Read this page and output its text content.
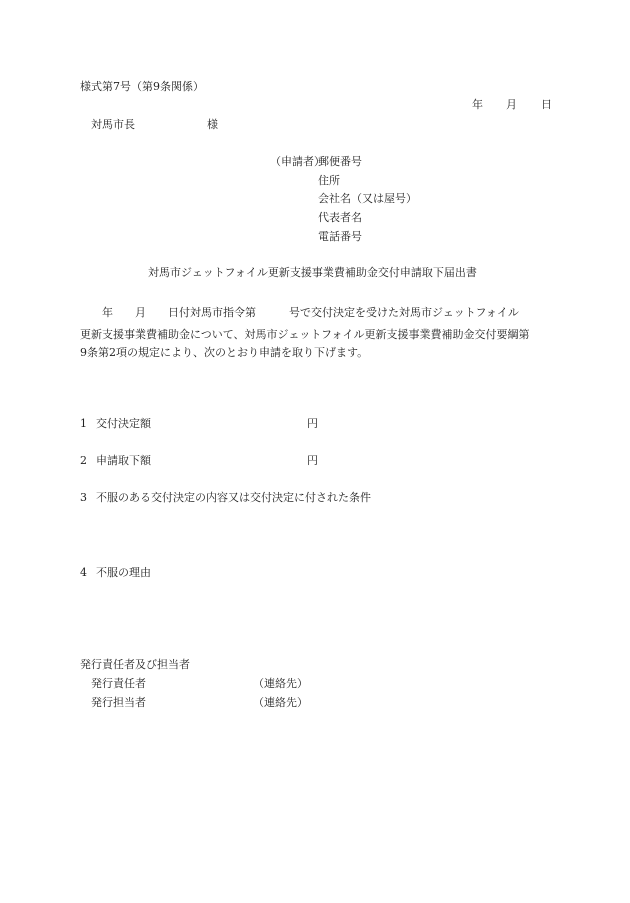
様式第7号（第9条関係）
年 月 日
対馬市長	様
（申請者）
郵便番号
住所
会社名（又は屋号）
代表者名
電話番号
対馬市ジェットフォイル更新支援事業費補助金交付申請取下届出書
年　　月　　日付対馬市指令第　　　号で交付決定を受けた対馬市ジェットフォイル
更新支援事業費補助金について、対馬市ジェットフォイル更新支援事業費補助金交付要綱第
9条第2項の規定により、次のとおり申請を取り下げます。
1 交付決定額	円
2 申請取下額	円
3 不服のある交付決定の内容又は交付決定に付された条件
4 不服の理由
発行責任者及び担当者
発行責任者	（連絡先）
発行担当者	（連絡先）
